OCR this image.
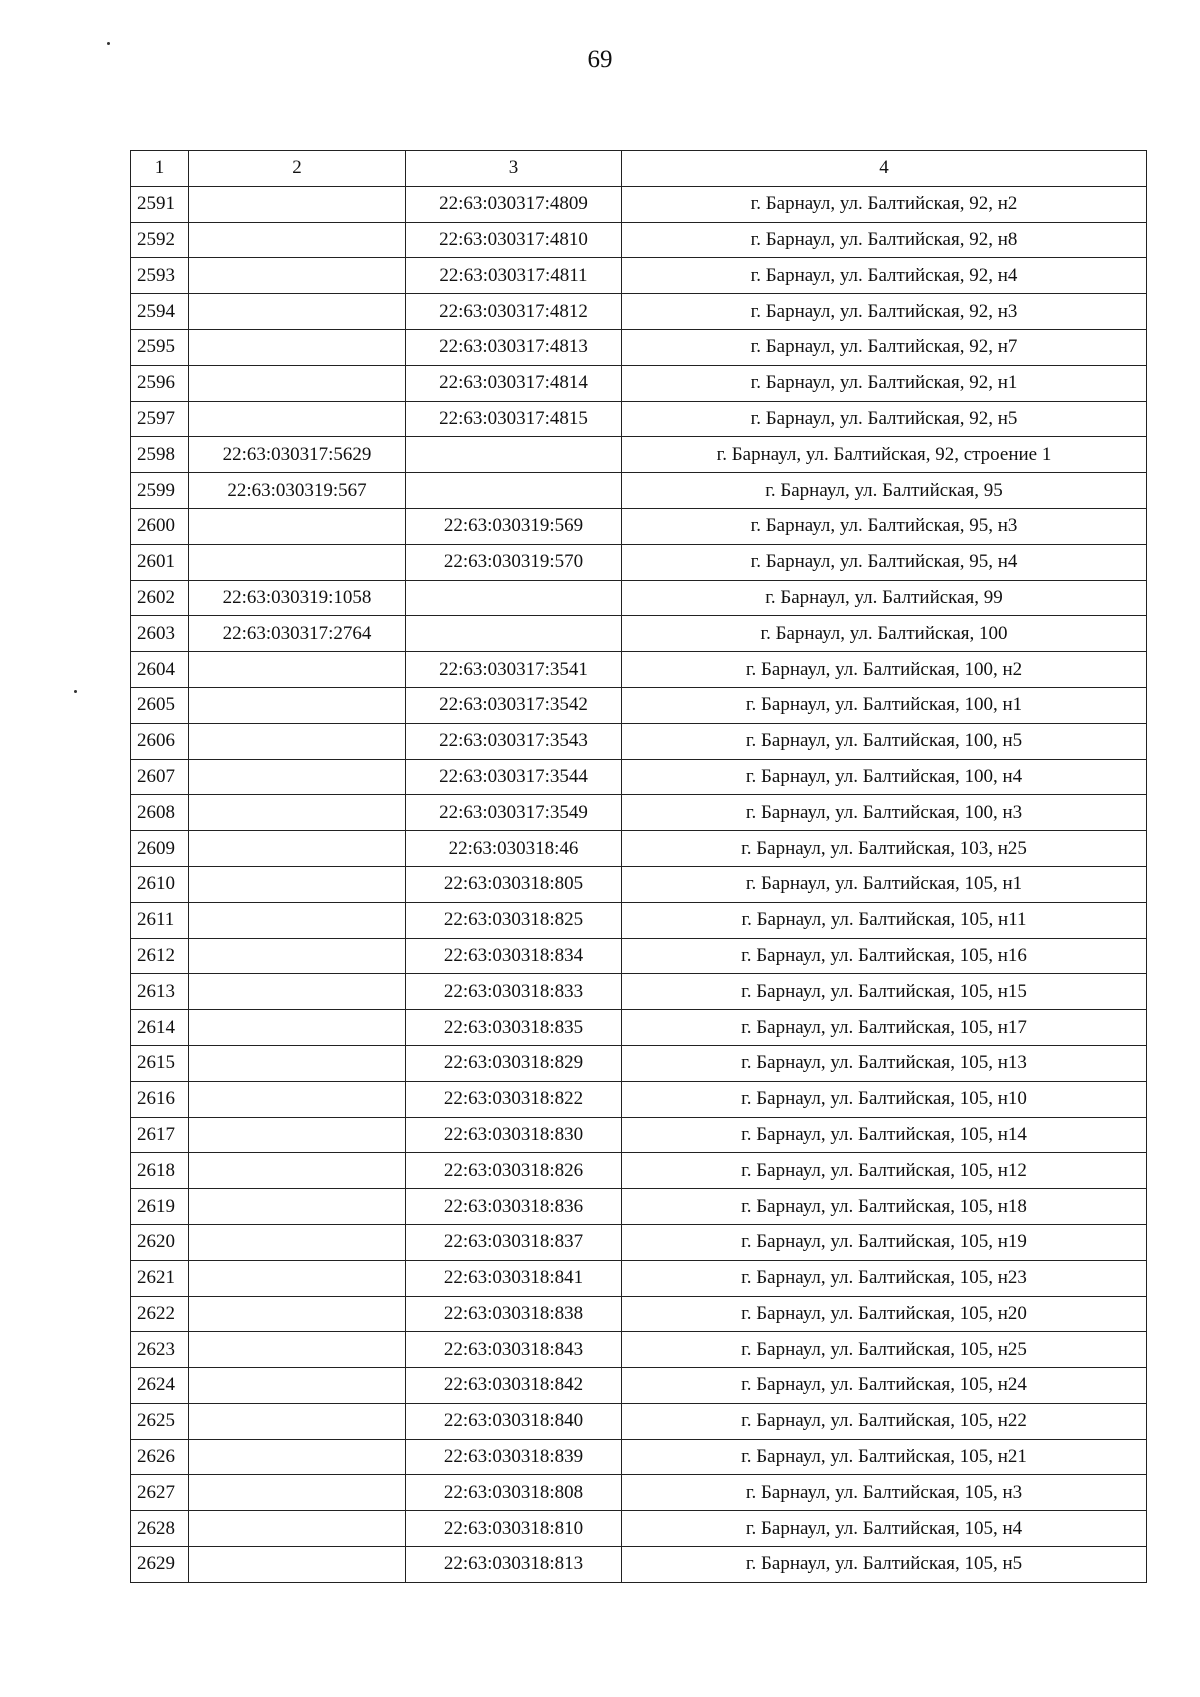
69
1	2	3	4
2591		22:63:030317:4809	г. Барнаул, ул. Балтийская, 92, н2
2592		22:63:030317:4810	г. Барнаул, ул. Балтийская, 92, н8
2593		22:63:030317:4811	г. Барнаул, ул. Балтийская, 92, н4
2594		22:63:030317:4812	г. Барнаул, ул. Балтийская, 92, н3
2595		22:63:030317:4813	г. Барнаул, ул. Балтийская, 92, н7
2596		22:63:030317:4814	г. Барнаул, ул. Балтийская, 92, н1
2597		22:63:030317:4815	г. Барнаул, ул. Балтийская, 92, н5
2598	22:63:030317:5629		г. Барнаул, ул. Балтийская, 92, строение 1
2599	22:63:030319:567		г. Барнаул, ул. Балтийская, 95
2600		22:63:030319:569	г. Барнаул, ул. Балтийская, 95, н3
2601		22:63:030319:570	г. Барнаул, ул. Балтийская, 95, н4
2602	22:63:030319:1058		г. Барнаул, ул. Балтийская, 99
2603	22:63:030317:2764		г. Барнаул, ул. Балтийская, 100
2604		22:63:030317:3541	г. Барнаул, ул. Балтийская, 100, н2
2605		22:63:030317:3542	г. Барнаул, ул. Балтийская, 100, н1
2606		22:63:030317:3543	г. Барнаул, ул. Балтийская, 100, н5
2607		22:63:030317:3544	г. Барнаул, ул. Балтийская, 100, н4
2608		22:63:030317:3549	г. Барнаул, ул. Балтийская, 100, н3
2609		22:63:030318:46	г. Барнаул, ул. Балтийская, 103, н25
2610		22:63:030318:805	г. Барнаул, ул. Балтийская, 105, н1
2611		22:63:030318:825	г. Барнаул, ул. Балтийская, 105, н11
2612		22:63:030318:834	г. Барнаул, ул. Балтийская, 105, н16
2613		22:63:030318:833	г. Барнаул, ул. Балтийская, 105, н15
2614		22:63:030318:835	г. Барнаул, ул. Балтийская, 105, н17
2615		22:63:030318:829	г. Барнаул, ул. Балтийская, 105, н13
2616		22:63:030318:822	г. Барнаул, ул. Балтийская, 105, н10
2617		22:63:030318:830	г. Барнаул, ул. Балтийская, 105, н14
2618		22:63:030318:826	г. Барнаул, ул. Балтийская, 105, н12
2619		22:63:030318:836	г. Барнаул, ул. Балтийская, 105, н18
2620		22:63:030318:837	г. Барнаул, ул. Балтийская, 105, н19
2621		22:63:030318:841	г. Барнаул, ул. Балтийская, 105, н23
2622		22:63:030318:838	г. Барнаул, ул. Балтийская, 105, н20
2623		22:63:030318:843	г. Барнаул, ул. Балтийская, 105, н25
2624		22:63:030318:842	г. Барнаул, ул. Балтийская, 105, н24
2625		22:63:030318:840	г. Барнаул, ул. Балтийская, 105, н22
2626		22:63:030318:839	г. Барнаул, ул. Балтийская, 105, н21
2627		22:63:030318:808	г. Барнаул, ул. Балтийская, 105, н3
2628		22:63:030318:810	г. Барнаул, ул. Балтийская, 105, н4
2629		22:63:030318:813	г. Барнаул, ул. Балтийская, 105, н5
